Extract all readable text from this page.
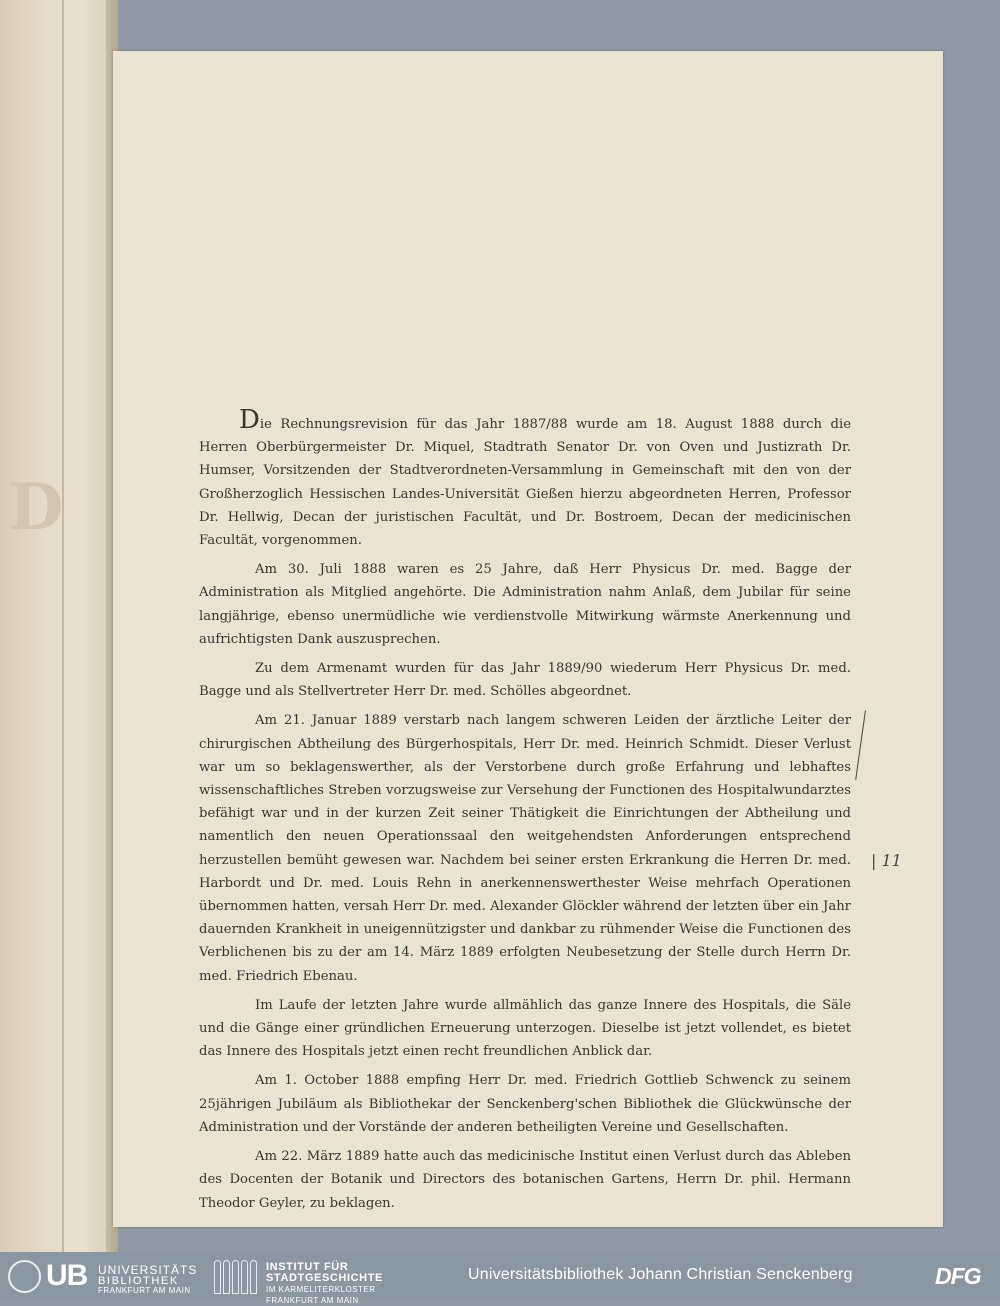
D

Die Rechnungsrevision für das Jahr 1887/88 wurde am 18. August 1888 durch die Herren Oberbürgermeister Dr. Miquel, Stadtrath Senator Dr. von Oven und Justizrath Dr. Humser, Vorsitzenden der Stadtverordneten-Versammlung in Gemeinschaft mit den von der Großherzoglich Hessischen Landes-Universität Gießen hierzu abgeordneten Herren, Professor Dr. Hellwig, Decan der juristischen Facultät, und Dr. Bostroem, Decan der medicinischen Facultät, vorgenommen.

Am 30. Juli 1888 waren es 25 Jahre, daß Herr Physicus Dr. med. Bagge der Administration als Mitglied angehörte. Die Administration nahm Anlaß, dem Jubilar für seine langjährige, ebenso unermüdliche wie verdienstvolle Mitwirkung wärmste Anerkennung und aufrichtigsten Dank auszusprechen.

Zu dem Armenamt wurden für das Jahr 1889/90 wiederum Herr Physicus Dr. med. Bagge und als Stellvertreter Herr Dr. med. Schölles abgeordnet.

Am 21. Januar 1889 verstarb nach langem schweren Leiden der ärztliche Leiter der chirurgischen Abtheilung des Bürgerhospitals, Herr Dr. med. Heinrich Schmidt. Dieser Verlust war um so beklagenswerther, als der Verstorbene durch große Erfahrung und lebhaftes wissenschaftliches Streben vorzugsweise zur Versehung der Functionen des Hospitalwundarztes befähigt war und in der kurzen Zeit seiner Thätigkeit die Einrichtungen der Abtheilung und namentlich den neuen Operationssaal den weitgehendsten Anforderungen entsprechend herzustellen bemüht gewesen war. Nachdem bei seiner ersten Erkrankung die Herren Dr. med. Harbordt und Dr. med. Louis Rehn in anerkennenswerthester Weise mehrfach Operationen übernommen hatten, versah Herr Dr. med. Alexander Glöckler während der letzten über ein Jahr dauernden Krankheit in uneigennützigster und dankbar zu rühmender Weise die Functionen des Verblichenen bis zu der am 14. März 1889 erfolgten Neubesetzung der Stelle durch Herrn Dr. med. Friedrich Ebenau.

Im Laufe der letzten Jahre wurde allmählich das ganze Innere des Hospitals, die Säle und die Gänge einer gründlichen Erneuerung unterzogen. Dieselbe ist jetzt vollendet, es bietet das Innere des Hospitals jetzt einen recht freundlichen Anblick dar.

Am 1. October 1888 empfing Herr Dr. med. Friedrich Gottlieb Schwenck zu seinem 25jährigen Jubiläum als Bibliothekar der Senckenberg'schen Bibliothek die Glückwünsche der Administration und der Vorstände der anderen betheiligten Vereine und Gesellschaften.

Am 22. März 1889 hatte auch das medicinische Institut einen Verlust durch das Ableben des Docenten der Botanik und Directors des botanischen Gartens, Herrn Dr. phil. Hermann Theodor Geyler, zu beklagen.

| 11
UB UNIVERSITÄTS
BIBLIOTHEK
FRANKFURT AM MAIN
INSTITUT FÜR
STADTGESCHICHTE
IM KARMELITERKLOSTER
FRANKFURT AM MAIN
Universitätsbibliothek Johann Christian Senckenberg	DFG
